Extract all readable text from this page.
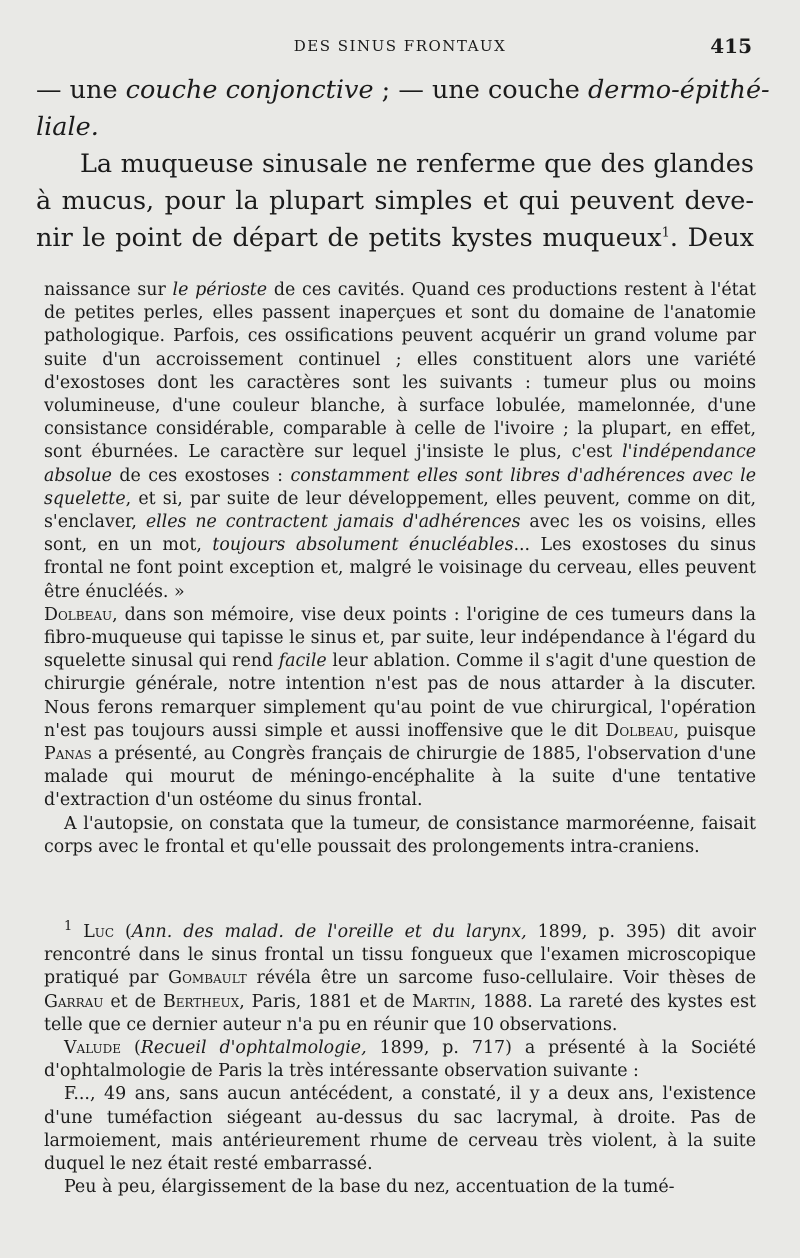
DES SINUS FRONTAUX	415
— une couche conjonctive ; — une couche dermo-épithé-
liale.
La muqueuse sinusale ne renferme que des glandes
à mucus, pour la plupart simples et qui peuvent deve-
nir le point de départ de petits kystes muqueux$^1$. Deux

naissance sur le périoste de ces cavités. Quand ces productions restent à l'état de petites perles, elles passent inaperçues et sont du domaine de l'anatomie pathologique. Parfois, ces ossifications peuvent acquérir un grand volume par suite d'un accroissement continuel ; elles constituent alors une variété d'exostoses dont les caractères sont les suivants : tumeur plus ou moins volumineuse, d'une couleur blanche, à surface lobulée, mamelonnée, d'une consistance considérable, comparable à celle de l'ivoire ; la plupart, en effet, sont éburnées. Le caractère sur lequel j'insiste le plus, c'est l'indépendance absolue de ces exostoses : constamment elles sont libres d'adhérences avec le squelette, et si, par suite de leur développement, elles peuvent, comme on dit, s'enclaver, elles ne contractent jamais d'adhérences avec les os voisins, elles sont, en un mot, toujours absolument énucléables... Les exostoses du sinus frontal ne font point exception et, malgré le voisinage du cerveau, elles peuvent être énucléés. »

Dolbeau, dans son mémoire, vise deux points : l'origine de ces tumeurs dans la fibro-muqueuse qui tapisse le sinus et, par suite, leur indépendance à l'égard du squelette sinusal qui rend facile leur ablation. Comme il s'agit d'une question de chirurgie générale, notre intention n'est pas de nous attarder à la discuter. Nous ferons remarquer simplement qu'au point de vue chirurgical, l'opération n'est pas toujours aussi simple et aussi inoffensive que le dit Dolbeau, puisque Panas a présenté, au Congrès français de chirurgie de 1885, l'observation d'une malade qui mourut de méningo-encéphalite à la suite d'une tentative d'extraction d'un ostéome du sinus frontal.

A l'autopsie, on constata que la tumeur, de consistance marmoréenne, faisait corps avec le frontal et qu'elle poussait des prolongements intra-craniens.

$^1$ Luc (Ann. des malad. de l'oreille et du larynx, 1899, p. 395) dit avoir rencontré dans le sinus frontal un tissu fongueux que l'examen microscopique pratiqué par Gombault révéla être un sarcome fuso-cellulaire. Voir thèses de Garrau et de Bertheux, Paris, 1881 et de Martin, 1888. La rareté des kystes est telle que ce dernier auteur n'a pu en réunir que 10 observations.

Valude (Recueil d'ophtalmologie, 1899, p. 717) a présenté à la Société d'ophtalmologie de Paris la très intéressante observation suivante :

F..., 49 ans, sans aucun antécédent, a constaté, il y a deux ans, l'existence d'une tuméfaction siégeant au-dessus du sac lacrymal, à droite. Pas de larmoiement, mais antérieurement rhume de cerveau très violent, à la suite duquel le nez était resté embarrassé.

Peu à peu, élargissement de la base du nez, accentuation de la tumé-
